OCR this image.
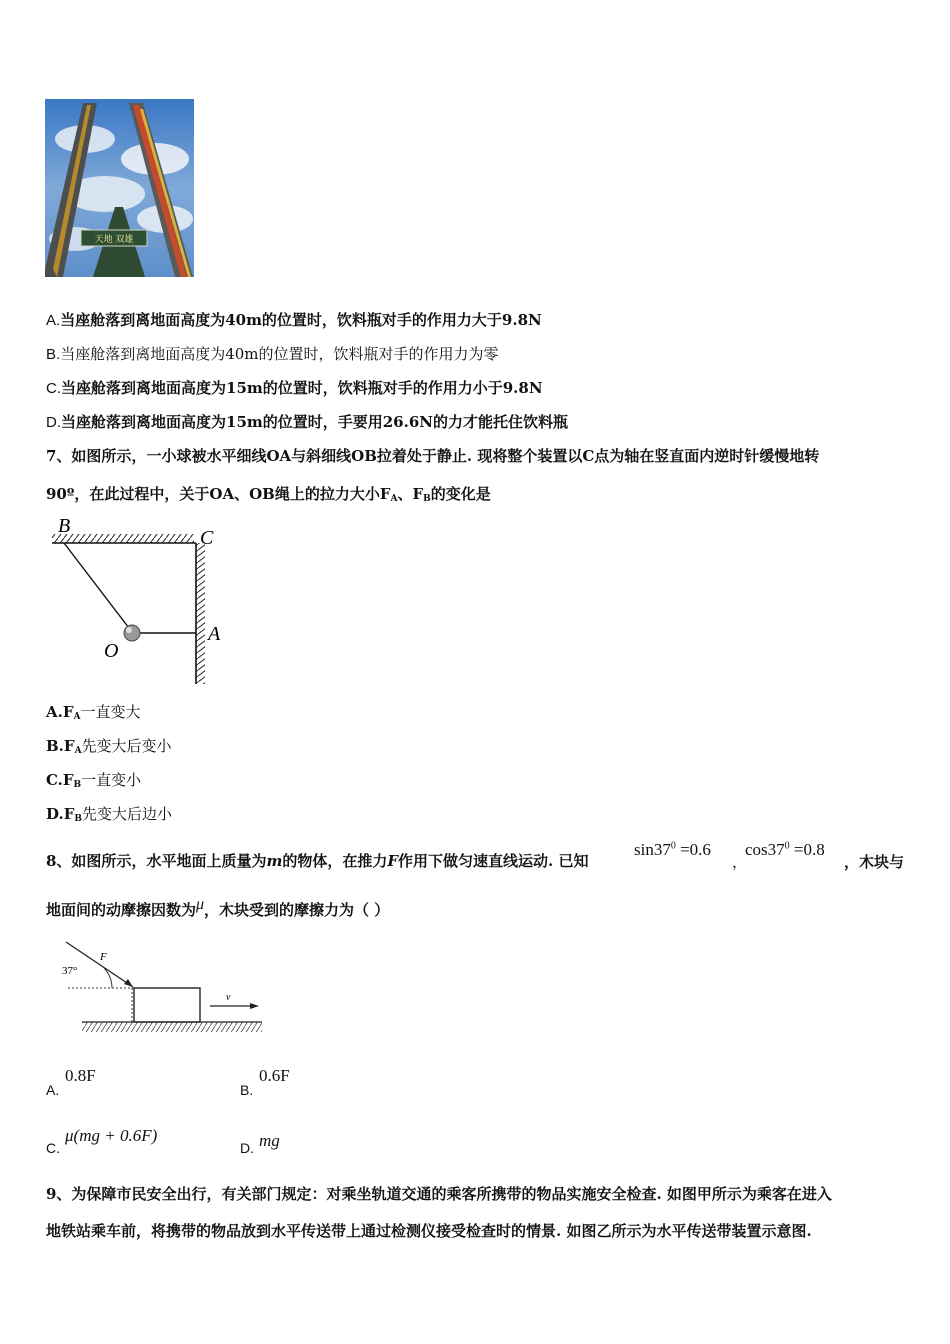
天地 双雄
A.当座舱落到离地面高度为40m的位置时，饮料瓶对手的作用力大于9.8N
B.当座舱落到离地面高度为40m的位置时，饮料瓶对手的作用力为零
C.当座舱落到离地面高度为15m的位置时，饮料瓶对手的作用力小于9.8N
D.当座舱落到离地面高度为15m的位置时，手要用26.6N的力才能托住饮料瓶
7、如图所示，一小球被水平细线OA与斜细线OB拉着处于静止. 现将整个装置以C点为轴在竖直面内逆时针缓慢地转
90º，在此过程中，关于OA、OB绳上的拉力大小$F_A$、$F_B$的变化是
B
C
A
O
$A.F_A$一直变大
$B.F_A$先变大后变小
$C.F_B$一直变小
$D.F_B$先变大后边小
8、如图所示，水平地面上质量为m的物体，在推力F作用下做匀速直线运动. 已知
$\sin 37^0 =0.6$
，
$\cos 37^0 =0.8$
，木块与
地面间的动摩擦因数为μ，木块受到的摩擦力为（ ）
37°
F
v
A.
0.8F
B.
0.6F
C.
μ(mg + 0.6F)
D. mg
9、为保障市民安全出行，有关部门规定：对乘坐轨道交通的乘客所携带的物品实施安全检查. 如图甲所示为乘客在进入
地铁站乘车前，将携带的物品放到水平传送带上通过检测仪接受检查时的情景. 如图乙所示为水平传送带装置示意图.
